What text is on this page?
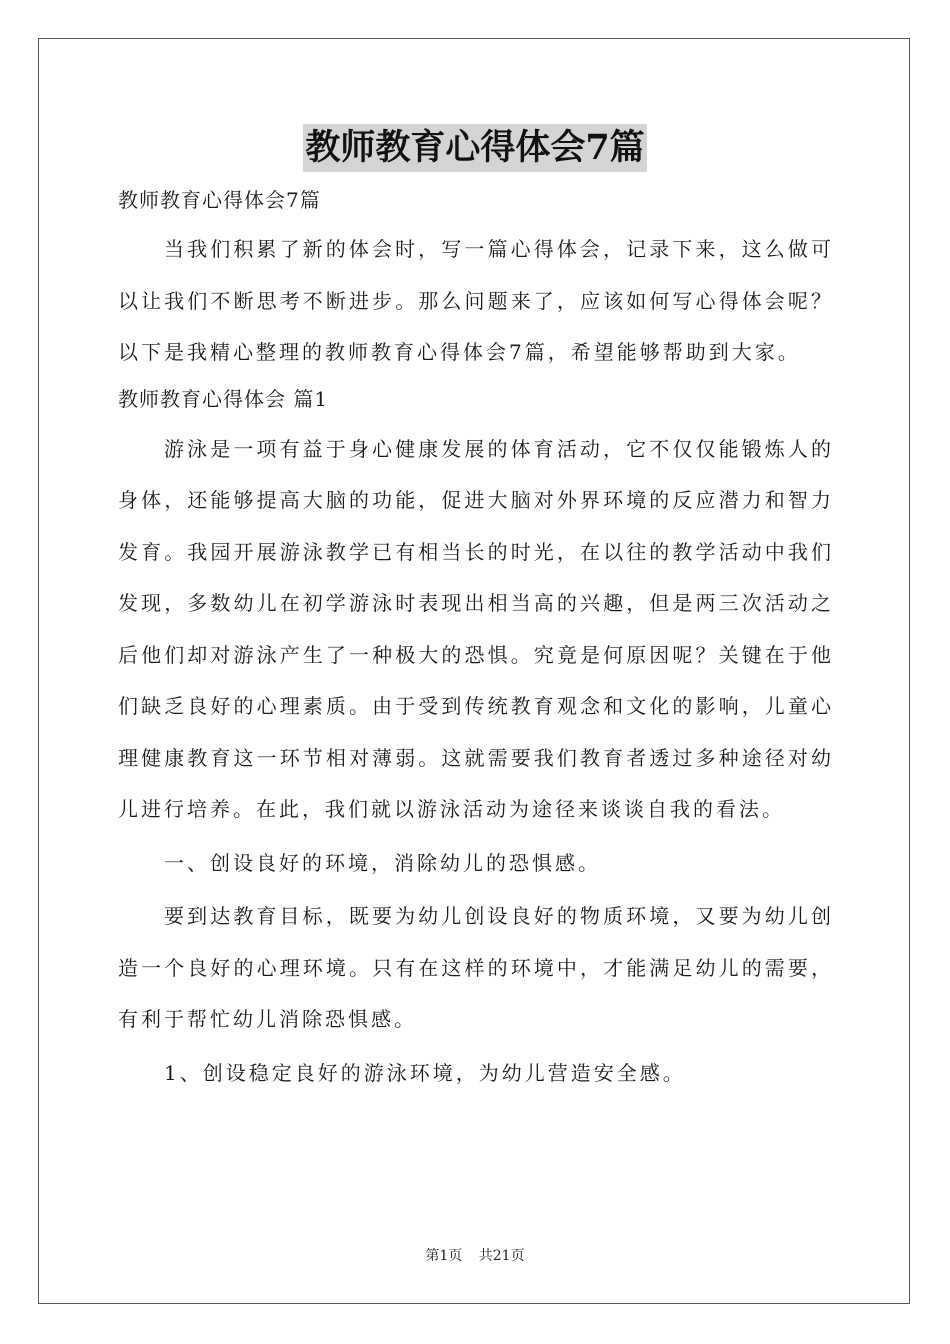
教师教育心得体会7篇

教师教育心得体会7篇

当我们积累了新的体会时，写一篇心得体会，记录下来，这么做可以让我们不断思考不断进步。那么问题来了，应该如何写心得体会呢？以下是我精心整理的教师教育心得体会7篇，希望能够帮助到大家。

教师教育心得体会 篇1

游泳是一项有益于身心健康发展的体育活动，它不仅仅能锻炼人的身体，还能够提高大脑的功能，促进大脑对外界环境的反应潜力和智力发育。我园开展游泳教学已有相当长的时光，在以往的教学活动中我们发现，多数幼儿在初学游泳时表现出相当高的兴趣，但是两三次活动之后他们却对游泳产生了一种极大的恐惧。究竟是何原因呢？关键在于他们缺乏良好的心理素质。由于受到传统教育观念和文化的影响，儿童心理健康教育这一环节相对薄弱。这就需要我们教育者透过多种途径对幼儿进行培养。在此，我们就以游泳活动为途径来谈谈自我的看法。

一、创设良好的环境，消除幼儿的恐惧感。

要到达教育目标，既要为幼儿创设良好的物质环境，又要为幼儿创造一个良好的心理环境。只有在这样的环境中，才能满足幼儿的需要，有利于帮忙幼儿消除恐惧感。

1、创设稳定良好的游泳环境，为幼儿营造安全感。

第1页 共21页
